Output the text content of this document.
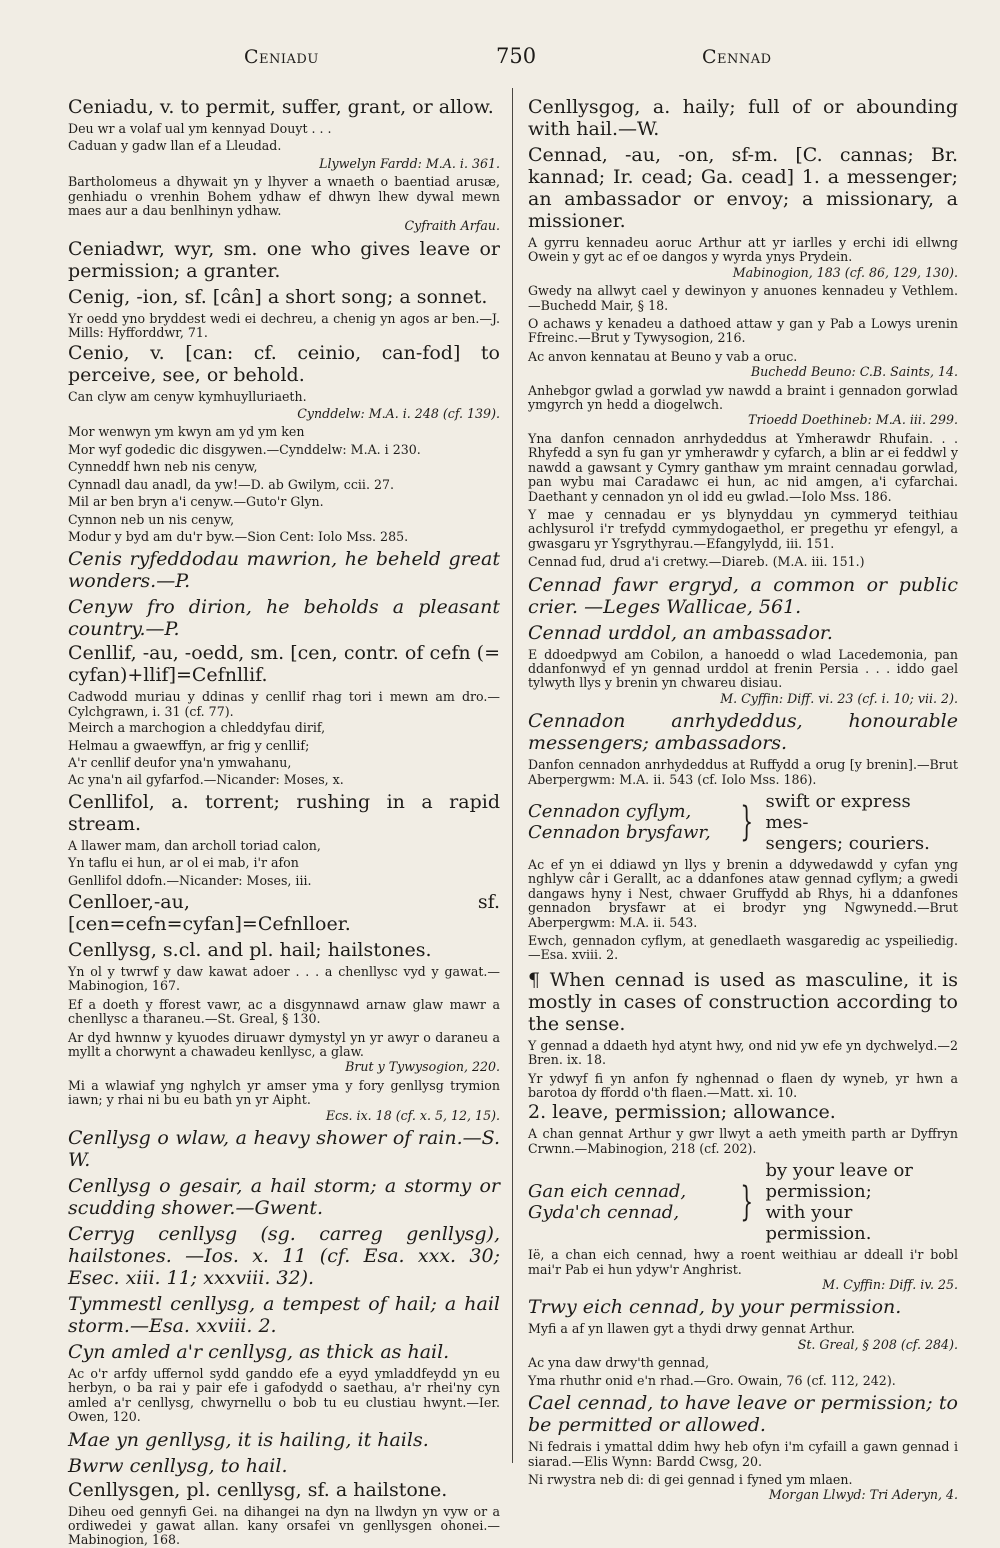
Ceniadu	750	Cennad
Ceniadu, v. to permit, suffer, grant, or allow.
Deu wr a volaf ual ym kennyad Douyt . . .
Caduan y gadw llan ef a Lleudad.
Llywelyn Fardd: M.A. i. 361.
Bartholomeus a dhywait yn y lhyver a wnaeth o baentiad arusæ, genhiadu o vrenhin Bohem ydhaw ef dhwyn lhew dywal mewn maes aur a dau benlhinyn ydhaw.
Cyfraith Arfau.
Ceniadwr, wyr, sm. one who gives leave or permission; a granter.
Cenig, -ion, sf. [cân] a short song; a sonnet.
Yr oedd yno bryddest wedi ei dechreu, a chenig yn agos ar ben.—J. Mills: Hyfforddwr, 71.
Cenio, v. [can: cf. ceinio, can-fod] to perceive, see, or behold.
Can clyw am cenyw kymhuylluriaeth.
Cynddelw: M.A. i. 248 (cf. 139).
Mor wenwyn ym kwyn am yd ym ken
Mor wyf godedic dic disgywen.—Cynddelw: M.A. i 230.
Cynneddf hwn neb nis cenyw,
Cynnadl dau anadl, da yw!—D. ab Gwilym, ccii. 27.
Mil ar ben bryn a'i cenyw.—Guto'r Glyn.
Cynnon neb un nis cenyw,
Modur y byd am du'r byw.—Sion Cent: Iolo Mss. 285.
Cenis ryfeddodau mawrion, he beheld great wonders.—P.
Cenyw fro dirion, he beholds a pleasant country.—P.
Cenllif, -au, -oedd, sm. [cen, contr. of cefn (= cyfan)+llif]=Cefnllif.
Cadwodd muriau y ddinas y cenllif rhag tori i mewn am dro.—Cylchgrawn, i. 31 (cf. 77).
Meirch a marchogion a chleddyfau dirif,
Helmau a gwaewffyn, ar frig y cenllif;
A'r cenllif deufor yna'n ymwahanu,
Ac yna'n ail gyfarfod.—Nicander: Moses, x.
Cenllifol, a. torrent; rushing in a rapid stream.
A llawer mam, dan archoll toriad calon,
Yn taflu ei hun, ar ol ei mab, i'r afon
Genllifol ddofn.—Nicander: Moses, iii.
Cenlloer,-au, sf. [cen=cefn=cyfan]=Cefnlloer.
Cenllysg, s.cl. and pl. hail; hailstones.
Yn ol y twrwf y daw kawat adoer . . . a chenllysc vyd y gawat.—Mabinogion, 167.
Ef a doeth y fforest vawr, ac a disgynnawd arnaw glaw mawr a chenllysc a tharaneu.—St. Greal, § 130.
Ar dyd hwnnw y kyuodes diruawr dymystyl yn yr awyr o daraneu a myllt a chorwynt a chawadeu kenllysc, a glaw.
Brut y Tywysogion, 220.
Mi a wlawiaf yng nghylch yr amser yma y fory genllysg trymion iawn; y rhai ni bu eu bath yn yr Aipht.
Ecs. ix. 18 (cf. x. 5, 12, 15).
Cenllysg o wlaw, a heavy shower of rain.—S. W.
Cenllysg o gesair, a hail storm; a stormy or scudding shower.—Gwent.
Cerryg cenllysg (sg. carreg genllysg), hailstones. —Ios. x. 11 (cf. Esa. xxx. 30; Esec. xiii. 11; xxxviii. 32).
Tymmestl cenllysg, a tempest of hail; a hail storm.—Esa. xxviii. 2.
Cyn amled a'r cenllysg, as thick as hail.
Ac o'r arfdy uffernol sydd ganddo efe a eyyd ymladdfeydd yn eu herbyn, o ba rai y pair efe i gafodydd o saethau, a'r rhei'ny cyn amled a'r cenllysg, chwyrnellu o bob tu eu clustiau hwynt.—Ier. Owen, 120.
Mae yn genllysg, it is hailing, it hails.
Bwrw cenllysg, to hail.
Cenllysgen, pl. cenllysg, sf. a hailstone.
Diheu oed gennyfi Gei. na dihangei na dyn na llwdyn yn vyw or a ordiwedei y gawat allan. kany orsafei vn genllysgen ohonei.—Mabinogion, 168.
Cenllysgog, a. haily; full of or abounding with hail.—W.
Cennad, -au, -on, sf-m. [C. cannas; Br. kannad; Ir. cead; Ga. cead] 1. a messenger; an ambassador or envoy; a missionary, a missioner.
A gyrru kennadeu aoruc Arthur att yr iarlles y erchi idi ellwng Owein y gyt ac ef oe dangos y wyrda ynys Prydein.
Mabinogion, 183 (cf. 86, 129, 130).
Gwedy na allwyt cael y dewinyon y anuones kennadeu y Vethlem.—Buchedd Mair, § 18.
O achaws y kenadeu a dathoed attaw y gan y Pab a Lowys urenin Ffreinc.—Brut y Tywysogion, 216.
Ac anvon kennatau at Beuno y vab a oruc.
Buchedd Beuno: C.B. Saints, 14.
Anhebgor gwlad a gorwlad yw nawdd a braint i gennadon gorwlad ymgyrch yn hedd a diogelwch.
Trioedd Doethineb: M.A. iii. 299.
Yna danfon cennadon anrhydeddus at Ymherawdr Rhufain. . . Rhyfedd a syn fu gan yr ymherawdr y cyfarch, a blin ar ei feddwl y nawdd a gawsant y Cymry ganthaw ym mraint cennadau gorwlad, pan wybu mai Caradawc ei hun, ac nid amgen, a'i cyfarchai. Daethant y cennadon yn ol idd eu gwlad.—Iolo Mss. 186.
Y mae y cennadau er ys blynyddau yn cymmeryd teithiau achlysurol i'r trefydd cymmydogaethol, er pregethu yr efengyl, a gwasgaru yr Ysgrythyrau.—Efangylydd, iii. 151.
Cennad fud, drud a'i cretwy.—Diareb. (M.A. iii. 151.)
Cennad fawr ergryd, a common or public crier. —Leges Wallicae, 561.
Cennad urddol, an ambassador.
E ddoedpwyd am Cobilon, a hanoedd o wlad Lacedemonia, pan ddanfonwyd ef yn gennad urddol at frenin Persia . . . iddo gael tylwyth llys y brenin yn chwareu disiau.
M. Cyffin: Diff. vi. 23 (cf. i. 10; vii. 2).
Cennadon anrhydeddus, honourable messengers; ambassadors.
Danfon cennadon anrhydeddus at Ruffydd a orug [y brenin].—Brut Aberpergwm: M.A. ii. 543 (cf. Iolo Mss. 186).
Cennadon cyflym,
Cennadon brysfawr, } swift or express mes-
sengers; couriers.
Ac ef yn ei ddiawd yn llys y brenin a ddywedawdd y cyfan yng nghlyw câr i Gerallt, ac a ddanfones ataw gennad cyflym; a gwedi dangaws hyny i Nest, chwaer Gruffydd ab Rhys, hi a ddanfones gennadon brysfawr at ei brodyr yng Ngwynedd.—Brut Aberpergwm: M.A. ii. 543.
Ewch, gennadon cyflym, at genedlaeth wasgaredig ac yspeiliedig.—Esa. xviii. 2.
¶ When cennad is used as masculine, it is mostly in cases of construction according to the sense.
Y gennad a ddaeth hyd atynt hwy, ond nid yw efe yn dychwelyd.—2 Bren. ix. 18.
Yr ydwyf fi yn anfon fy nghennad o flaen dy wyneb, yr hwn a barotoa dy ffordd o'th flaen.—Matt. xi. 10.
2. leave, permission; allowance.
A chan gennat Arthur y gwr llwyt a aeth ymeith parth ar Dyffryn Crwnn.—Mabinogion, 218 (cf. 202).
Gan eich cennad,
Gyda'ch cennad,	}
by your leave or permission;
with your permission.
Ië, a chan eich cennad, hwy a roent weithiau ar ddeall i'r bobl mai'r Pab ei hun ydyw'r Anghrist.
M. Cyffin: Diff. iv. 25.
Trwy eich cennad, by your permission.
Myfi a af yn llawen gyt a thydi drwy gennat Arthur.
St. Greal, § 208 (cf. 284).
Ac yna daw drwy'th gennad,
Yma rhuthr onid e'n rhad.—Gro. Owain, 76 (cf. 112, 242).
Cael cennad, to have leave or permission; to be permitted or allowed.
Ni fedrais i ymattal ddim hwy heb ofyn i'm cyfaill a gawn gennad i siarad.—Elis Wynn: Bardd Cwsg, 20.
Ni rwystra neb di: di gei gennad i fyned ym mlaen.
Morgan Llwyd: Tri Aderyn, 4.
